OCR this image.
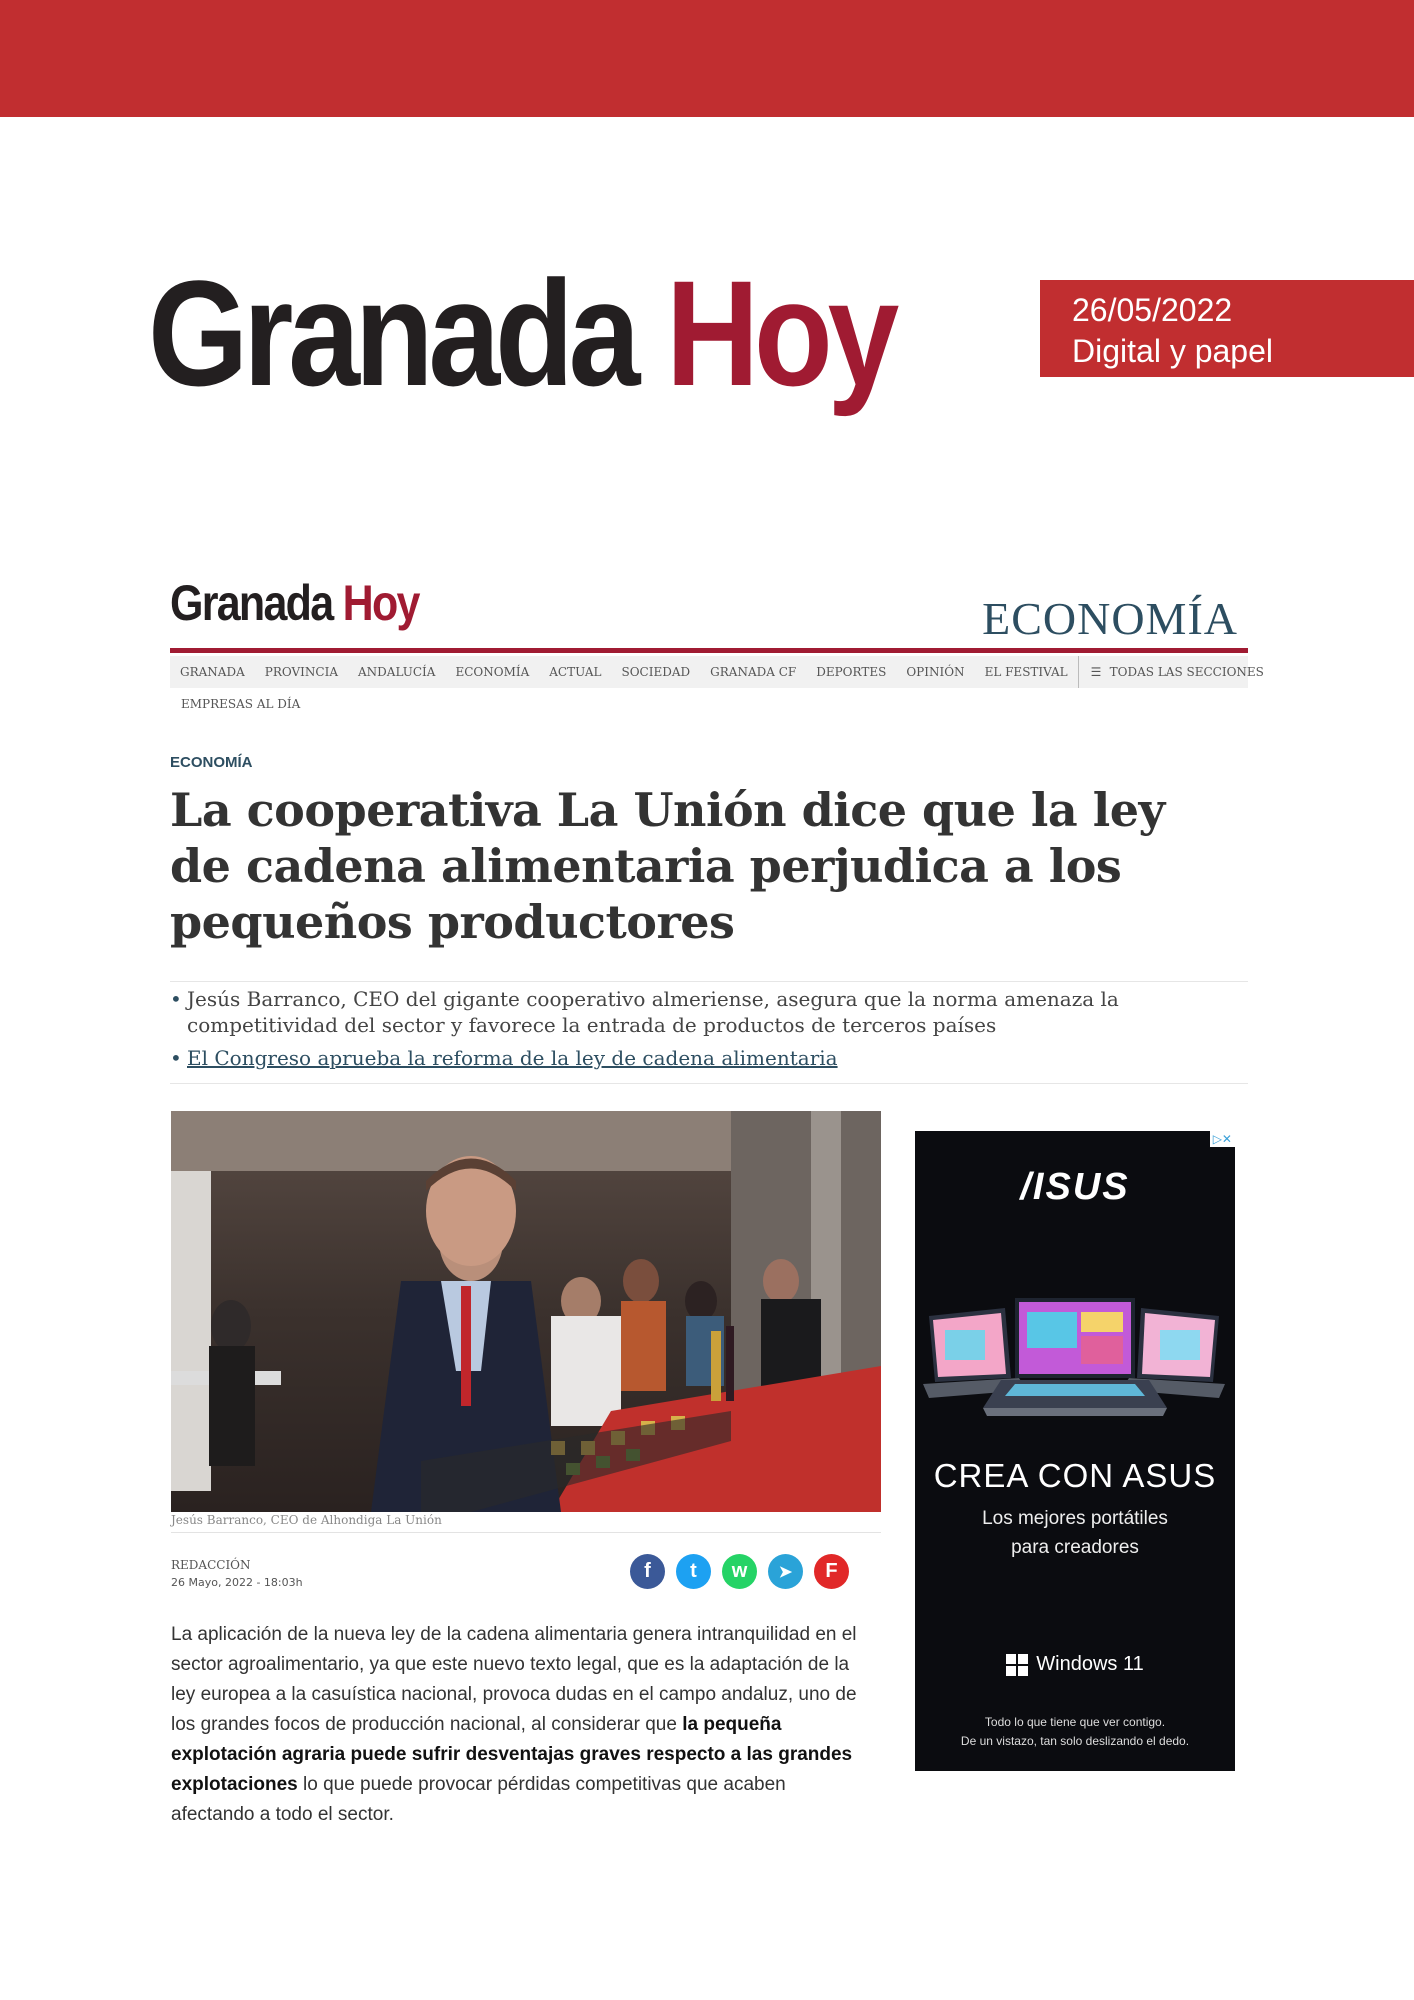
Granada Hoy	26/05/2022
Digital y papel
Granada Hoy	ECONOMÍA
GRANADA	PROVINCIA	ANDALUCÍA	ECONOMÍA	ACTUAL	SOCIEDAD	GRANADA CF	DEPORTES	OPINIÓN	EL FESTIVAL	☰ TODAS LAS SECCIONES
EMPRESAS AL DÍA
ECONOMÍA
La cooperativa La Unión dice que la ley de cadena alimentaria perjudica a los pequeños productores
• Jesús Barranco, CEO del gigante cooperativo almeriense, asegura que la norma amenaza la competitividad del sector y favorece la entrada de productos de terceros países
• El Congreso aprueba la reforma de la ley de cadena alimentaria
Jesús Barranco, CEO de Alhondiga La Unión
REDACCIÓN
26 Mayo, 2022 - 18:03h
f	t	w	➤	F

La aplicación de la nueva ley de la cadena alimentaria genera intranquilidad en el sector agroalimentario, ya que este nuevo texto legal, que es la adaptación de la ley europea a la casuística nacional, provoca dudas en el campo andaluz, uno de los grandes focos de producción nacional, al considerar que la pequeña explotación agraria puede sufrir desventajas graves respecto a las grandes explotaciones lo que puede provocar pérdidas competitivas que acaben afectando a todo el sector.

▷✕
/ISUS
CREA CON ASUS
Los mejores portátiles
para creadores
Windows 11
Todo lo que tiene que ver contigo.
De un vistazo, tan solo deslizando el dedo.
